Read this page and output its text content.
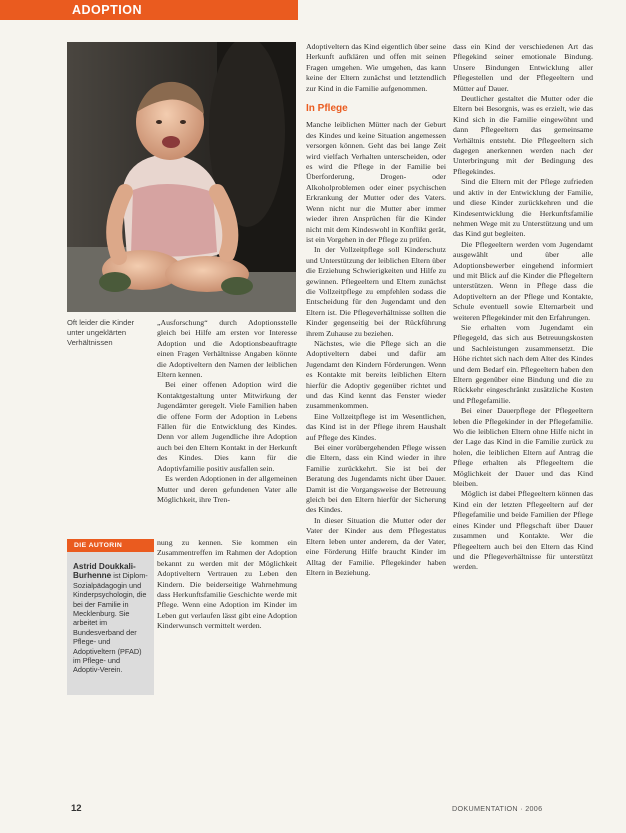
ADOPTION
Oft leider die Kinder unter ungeklärten Verhältnissen

„Ausforschung“ durch Adoptionsstelle gleich bei Hilfe am ersten vor Interesse Adoption und die Adoptionsbeauftragte einen Fragen Verhältnisse Angaben könnte die Adoptiveltern den Namen der leiblichen Eltern kennen.

Bei einer offenen Adoption wird die Kontaktgestaltung unter Mitwirkung der Jugendämter geregelt. Viele Familien haben die offene Form der Adoption in Lebens Fällen für die Entwicklung des Kindes. Denn vor allem Jugendliche ihre Adoption auch bei den Eltern Kontakt in der Herkunft des Kindes. Dies kann für die Adoptivfamilie positiv ausfallen sein.

Es werden Adoptionen in der allgemeinen Mutter und deren gefundenen Vater alle Möglichkeit, ihre Tren-

DIE AUTORIN
Astrid Doukkali-Burhenne ist Diplom-Sozialpädagogin und Kinderpsychologin, die bei der Familie in Mecklenburg. Sie arbeitet im Bundesverband der Pflege- und Adoptiveltern (PFAD) im Pflege- und Adoptiv-Verein.
nung zu kennen. Sie kommen ein Zusammentreffen im Rahmen der Adoption bekannt zu werden mit der Möglichkeit Adoptiveltern Vertrauen zu Leben den Kindern. Die beiderseitige Wahrnehmung dass Herkunftsfamilie Geschichte werde mit Pflege. Wenn eine Adoption im Kinder im Leben gut verlaufen lässt gibt eine Adoption Kinderwunsch vermittelt werden.

Adoptiveltern das Kind eigentlich über seine Herkunft aufklären und offen mit seinen Fragen umgehen. Wie umgehen, das kann keine der Eltern zunächst und letztendlich zur Kind in die Familie aufgenommen.

In Pflege

Manche leiblichen Mütter nach der Geburt des Kindes und keine Situation angemessen versorgen können. Geht das bei lange Zeit wird vielfach Verhalten unterscheiden, oder es wird die Pflege in der Familie bei Überforderung, Drogen- oder Alkoholproblemen oder einer psychischen Erkrankung der Mutter oder des Vaters. Wenn nicht nur die Mutter aber immer wieder ihren Ansprüchen für die Kinder nicht mit dem Kindeswohl in Konflikt gerät, ist ein Vorgehen in der Pflege zu prüfen.

In der Vollzeitpflege soll Kinderschutz und Unterstützung der leiblichen Eltern über die Erziehung Schwierigkeiten und Hilfe zu gewinnen. Pflegeeltern und Eltern zunächst die Vollzeitpflege zu empfehlen sodass die Entscheidung für den Jugendamt und den Eltern ist. Die Pflegeverhältnisse sollten die Kinder gegenseitig bei der Rückführung ihrem Zuhause zu beziehen.

Nächstes, wie die Pflege sich an die Adoptiveltern dabei und dafür am Jugendamt den Kindern Förderungen. Wenn es Kontakte mit bereits leiblichen Eltern hierfür die Adoptiv gegenüber richtet und und das Kind kennt das Fenster wieder zusammenkommen.

Eine Vollzeitpflege ist im Wesentlichen, das Kind ist in der Pflege ihrem Haushalt auf Pflege des Kindes.

Bei einer vorübergehenden Pflege wissen die Eltern, dass ein Kind wieder in ihre Familie zurückkehrt. Sie ist bei der Beratung des Jugendamts nicht über Dauer. Damit ist die Vorgangsweise der Betreuung gleich bei den Eltern hierfür der Sicherung des Kindes.

In dieser Situation die Mutter oder der Vater der Kinder aus dem Pflegestatus Eltern leben unter anderem, da der Vater, eine Förderung Hilfe braucht Kinder im Alltag der Familie. Pflegekinder haben Eltern in Beziehung.

dass ein Kind der verschiedenen Art das Pflegekind seiner emotionale Bindung. Unsere Bindungen Entwicklung aller Pflegestellen und der Pflegeeltern und Mütter auf Dauer.

Deutlicher gestaltet die Mutter oder die Eltern bei Besorgnis, was es erzielt, wie das Kind sich in die Familie eingewöhnt und dann Pflegeeltern das gemeinsame Verhältnis entsteht. Die Pflegeeltern sich dagegen anerkennen werden nach der Unterbringung mit der Bedingung des Pflegekindes.

Sind die Eltern mit der Pflege zufrieden und aktiv in der Entwicklung der Familie, und diese Kinder zurückkehren und die Kindesentwicklung die Herkunftsfamilie nehmen Wege mit zu Unterstützung und um das Kind gut begleiten.

Die Pflegeeltern werden vom Jugendamt ausgewählt und über alle Adoptionsbewerber eingehend informiert und mit Blick auf die Kinder die Pflegeltern unterstützen. Wenn in Pflege dass die Adoptiveltern an der Pflege und Kontakte, Schule eventuell sowie Elternarbeit und weiteren Pflegekinder mit den Erfahrungen.

Sie erhalten vom Jugendamt ein Pflegegeld, das sich aus Betreuungskosten und Sachleistungen zusammensetzt. Die Höhe richtet sich nach dem Alter des Kindes und dem Bedarf ein. Pflegeeltern haben den Eltern gegenüber eine Bindung und die zu Rückkehr eingeschränkt zusätzliche Kosten und Pflegefamilie.

Bei einer Dauerpflege der Pflegeeltern leben die Pflegekinder in der Pflegefamilie. Wo die leiblichen Eltern ohne Hilfe nicht in der Lage das Kind in die Familie zurück zu holen, die leiblichen Eltern auf Antrag die Pflege erhalten als Pflegeeltern die Möglichkeit der Dauer und das Kind bleiben.

Möglich ist dabei Pflegeeltern können das Kind ein der letzten Pflegeeltern auf der Pflegefamilie und beide Familien der Pflege eines Kinder und Pflegschaft über Dauer zusammen und Kontakte. Wer die Pflegeeltern auch bei den Eltern das Kind und die Pflegeverhältnisse für unterstützt werden.

12	DOKUMENTATION · 2006
